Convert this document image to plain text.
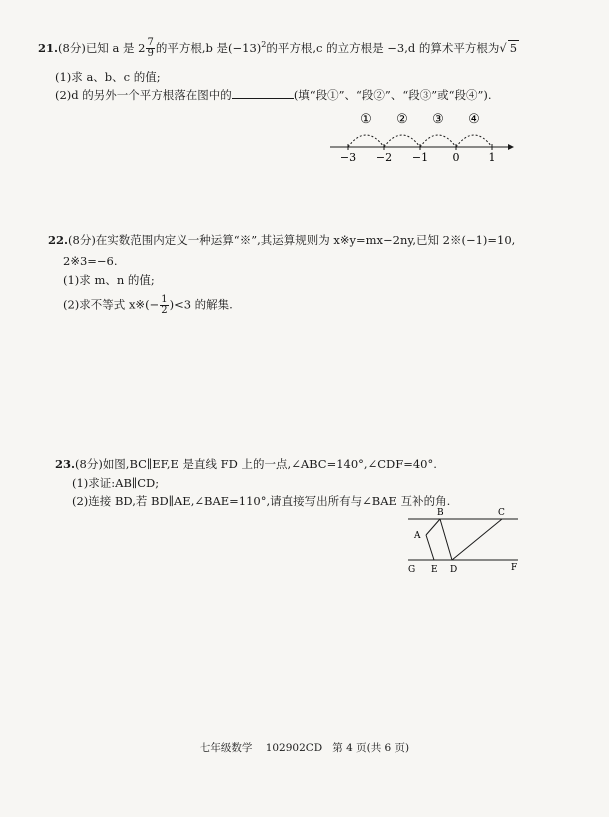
21.(8分)已知 a 是 $2 \frac{7}{9}$ 的平方根,b 是$(-13)^2$的平方根,c 的立方根是 −3,d 的算术平方根为√ 5
(1)求 a、b、c 的值;
(2)d 的另外一个平方根落在图中的	(填“段①”、“段②”、“段③”或“段④”).
① ② ③ ④
−3 −2 −1 0	1
22.(8分)在实数范围内定义一种运算“※”,其运算规则为 x※y=mx−2ny,已知 2※(−1)=10,
2※3=−6.
(1)求 m、n 的值;
(2)求不等式 x※(− $\frac{1}{2} )<3$ 的解集.
23.(8分)如图,BC∥EF,E 是直线 FD 上的一点,∠ABC=140°,∠CDF=40°.
(1)求证:AB∥CD;
(2)连接 BD,若 BD∥AE,∠BAE=110°,请直接写出所有与∠BAE 互补的角.
B	C
A
G E D	F
七年级数学 102902CD 第 4 页(共 6 页)
